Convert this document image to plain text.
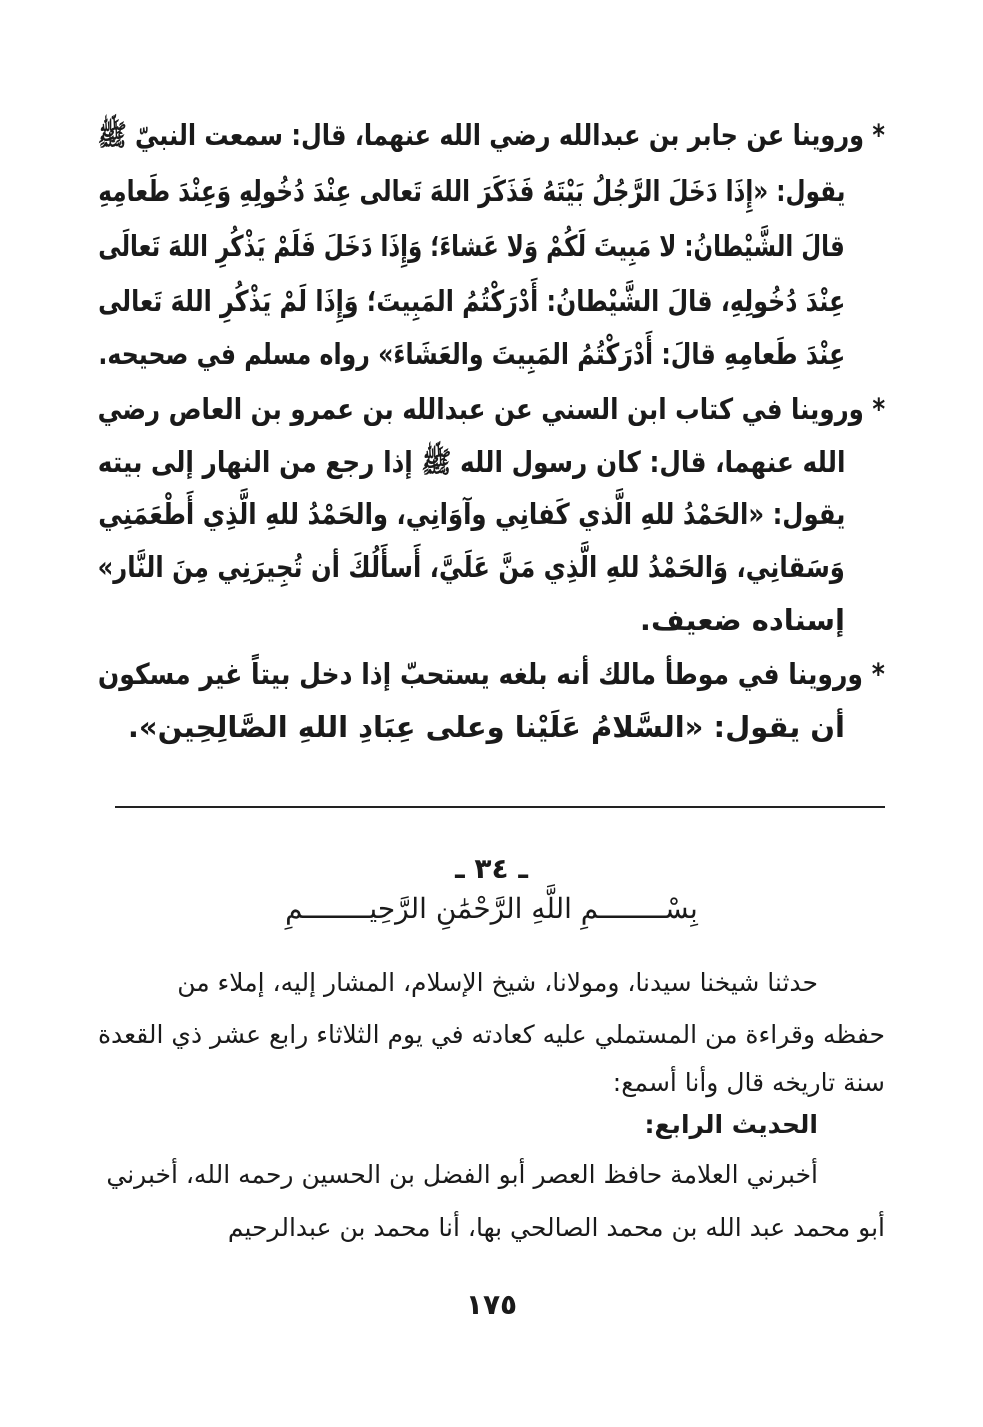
* وروينا عن جابر بن عبدالله رضي الله عنهما، قال: سمعت النبيّ ﷺ

يقول: «إِذَا دَخَلَ الرَّجُلُ بَيْتَهُ فَذَكَرَ اللهَ تَعالى عِنْدَ دُخُولِهِ وَعِنْدَ طَعامِهِ

قالَ الشَّيْطانُ: لا مَبِيتَ لَكُمْ وَلا عَشاءَ؛ وَإِذَا دَخَلَ فَلَمْ يَذْكُرِ اللهَ تَعالَى

عِنْدَ دُخُولِهِ، قالَ الشَّيْطانُ: أَدْرَكْتُمُ المَبِيتَ؛ وَإِذَا لَمْ يَذْكُرِ اللهَ تَعالى

عِنْدَ طَعامِهِ قالَ: أَدْرَكْتُمُ المَبِيتَ والعَشَاءَ» رواه مسلم في صحيحه.

* وروينا في كتاب ابن السني عن عبدالله بن عمرو بن العاص رضي

الله عنهما، قال: كان رسول الله ﷺ إذا رجع من النهار إلى بيته

يقول: «الحَمْدُ للهِ الَّذي كَفانِي وآوَانِي، والحَمْدُ للهِ الَّذِي أَطْعَمَنِي

وَسَقانِي، وَالحَمْدُ للهِ الَّذِي مَنَّ عَلَيَّ، أَسأَلُكَ أن تُجِيرَنِي مِنَ النَّار»

إسناده ضعيف.

* وروينا في موطأ مالك أنه بلغه يستحبّ إذا دخل بيتاً غير مسكون

أن يقول: «السَّلامُ عَلَيْنا وعلى عِبَادِ اللهِ الصَّالِحِين».

ـ ٣٤ ـ
بِسْــــــــمِ اللَّهِ الرَّحْمَٰنِ الرَّحِيــــــــمِ

حدثنا شيخنا سيدنا، ومولانا، شيخ الإسلام، المشار إليه، إملاء من

حفظه وقراءة من المستملي عليه كعادته في يوم الثلاثاء رابع عشر ذي القعدة

سنة تاريخه قال وأنا أسمع:

الحديث الرابع:

أخبرني العلامة حافظ العصر أبو الفضل بن الحسين رحمه الله، أخبرني

أبو محمد عبد الله بن محمد الصالحي بها، أنا محمد بن عبدالرحيم

١٧٥
